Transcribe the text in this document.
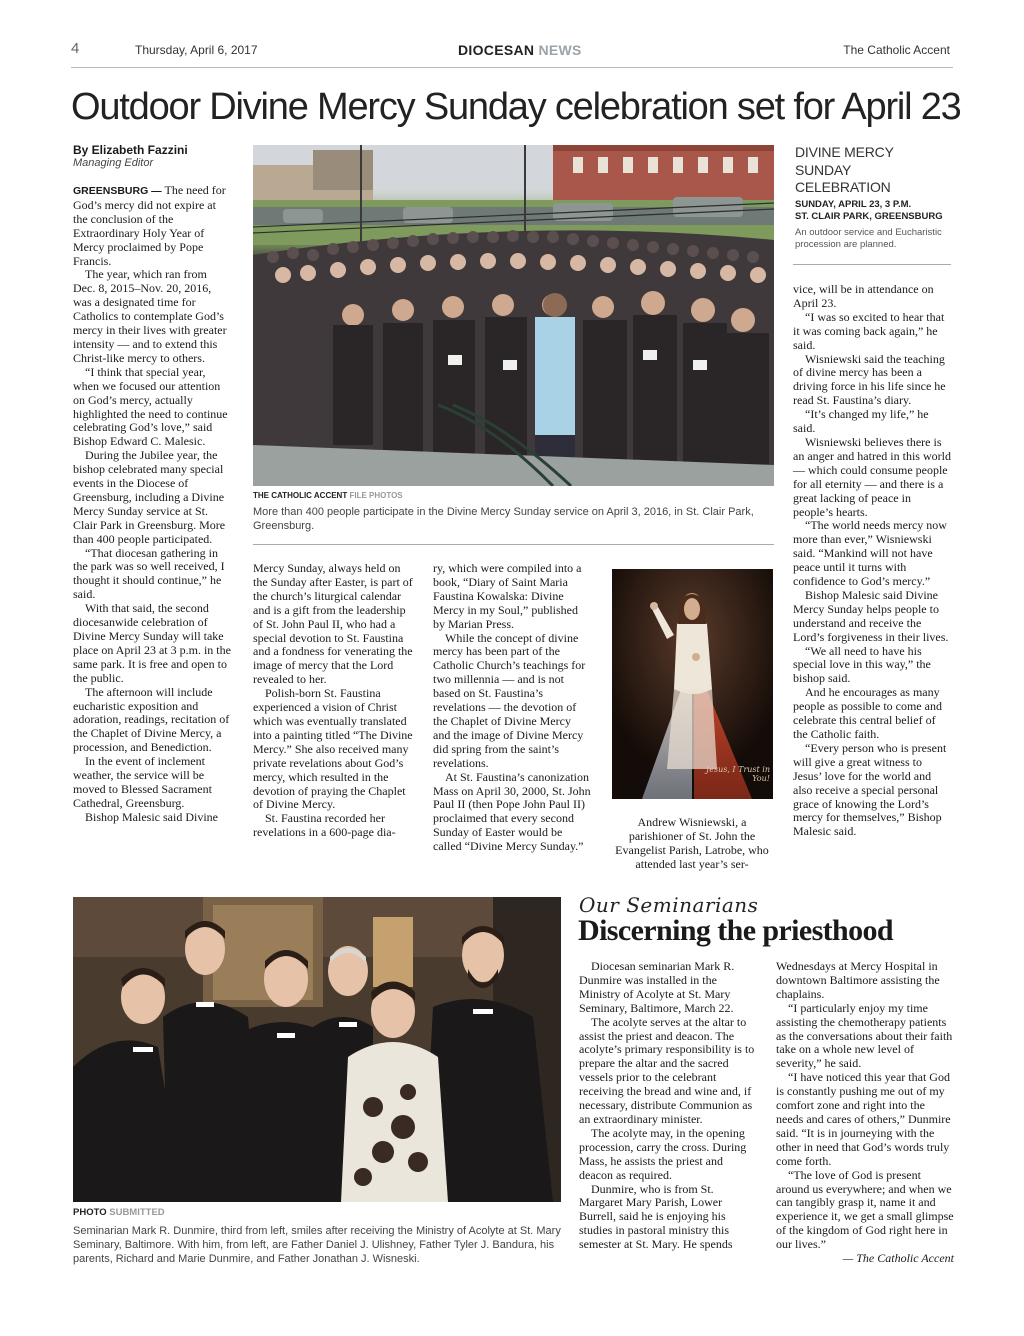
4	Thursday, April 6, 2017	DIOCESAN NEWS	The Catholic Accent
Outdoor Divine Mercy Sunday celebration set for April 23
By Elizabeth Fazzini
Managing Editor

GREENSBURG — The need for God’s mercy did not expire at the conclusion of the Extraordinary Holy Year of Mercy proclaimed by Pope Francis.

The year, which ran from Dec. 8, 2015–Nov. 20, 2016, was a designated time for Catholics to contemplate God’s mercy in their lives with greater intensity — and to extend this Christ-like mercy to others.

“I think that special year, when we focused our attention on God’s mercy, actually highlighted the need to continue celebrating God’s love,” said Bishop Edward C. Malesic.

During the Jubilee year, the bishop celebrated many special events in the Diocese of Greensburg, including a Divine Mercy Sunday service at St. Clair Park in Greensburg. More than 400 people participated.

“That diocesan gathering in the park was so well received, I thought it should continue,” he said.

With that said, the second diocesanwide celebration of Divine Mercy Sunday will take place on April 23 at 3 p.m. in the same park. It is free and open to the public.

The afternoon will include eucharistic exposition and adoration, readings, recitation of the Chaplet of Divine Mercy, a procession, and Benediction.

In the event of inclement weather, the service will be moved to Blessed Sacrament Cathedral, Greensburg.

Bishop Malesic said Divine

THE CATHOLIC ACCENT FILE PHOTOS
More than 400 people participate in the Divine Mercy Sunday service on April 3, 2016, in St. Clair Park, Greensburg.
DIVINE MERCY
SUNDAY
CELEBRATION
SUNDAY, APRIL 23, 3 P.M.
ST. CLAIR PARK, GREENSBURG
An outdoor service and Eucharistic procession are planned.

Mercy Sunday, always held on the Sunday after Easter, is part of the church’s liturgical calendar and is a gift from the leadership of St. John Paul II, who had a special devotion to St. Faustina and a fondness for venerating the image of mercy that the Lord revealed to her.

Polish-born St. Faustina experienced a vision of Christ which was eventually translated into a painting titled “The Divine Mercy.” She also received many private revelations about God’s mercy, which resulted in the devotion of praying the Chaplet of Divine Mercy.

St. Faustina recorded her revelations in a 600-page dia-

ry, which were compiled into a book, “Diary of Saint Maria Faustina Kowalska: Divine Mercy in my Soul,” published by Marian Press.

While the concept of divine mercy has been part of the Catholic Church’s teachings for two millennia — and is not based on St. Faustina’s revelations — the devotion of the Chaplet of Divine Mercy and the image of Divine Mercy did spring from the saint’s revelations.

At St. Faustina’s canonization Mass on April 30, 2000, St. John Paul II (then Pope John Paul II) proclaimed that every second Sunday of Easter would be called “Divine Mercy Sunday.”

Jesus, I Trust in You!
Andrew Wisniewski, a parishioner of St. John the Evangelist Parish, Latrobe, who attended last year’s ser-

vice, will be in attendance on April 23.

“I was so excited to hear that it was coming back again,” he said.

Wisniewski said the teaching of divine mercy has been a driving force in his life since he read St. Faustina’s diary.

“It’s changed my life,” he said.

Wisniewski believes there is an anger and hatred in this world — which could consume people for all eternity — and there is a great lacking of peace in people’s hearts.

“The world needs mercy now more than ever,” Wisniewski said. “Mankind will not have peace until it turns with confidence to God’s mercy.”

Bishop Malesic said Divine Mercy Sunday helps people to understand and receive the Lord’s forgiveness in their lives.

“We all need to have his special love in this way,” the bishop said.

And he encourages as many people as possible to come and celebrate this central belief of the Catholic faith.

“Every person who is present will give a great witness to Jesus’ love for the world and also receive a special personal grace of knowing the Lord’s mercy for themselves,” Bishop Malesic said.

PHOTO SUBMITTED
Seminarian Mark R. Dunmire, third from left, smiles after receiving the Ministry of Acolyte at St. Mary Seminary, Baltimore. With him, from left, are Father Daniel J. Ulishney, Father Tyler J. Bandura, his parents, Richard and Marie Dunmire, and Father Jonathan J. Wisneski.
Our Seminarians
Discerning the priesthood

Diocesan seminarian Mark R. Dunmire was installed in the Ministry of Acolyte at St. Mary Seminary, Baltimore, March 22.

The acolyte serves at the altar to assist the priest and deacon. The acolyte’s primary responsibility is to prepare the altar and the sacred vessels prior to the celebrant receiving the bread and wine and, if necessary, distribute Communion as an extraordinary minister.

The acolyte may, in the opening procession, carry the cross. During Mass, he assists the priest and deacon as required.

Dunmire, who is from St. Margaret Mary Parish, Lower Burrell, said he is enjoying his studies in pastoral ministry this semester at St. Mary. He spends

Wednesdays at Mercy Hospital in downtown Baltimore assisting the chaplains.

“I particularly enjoy my time assisting the chemotherapy patients as the conversations about their faith take on a whole new level of severity,” he said.

“I have noticed this year that God is constantly pushing me out of my comfort zone and right into the needs and cares of others,” Dunmire said. “It is in journeying with the other in need that God’s words truly come forth.

“The love of God is present around us everywhere; and when we can tangibly grasp it, name it and experience it, we get a small glimpse of the kingdom of God right here in our lives.”

— The Catholic Accent
